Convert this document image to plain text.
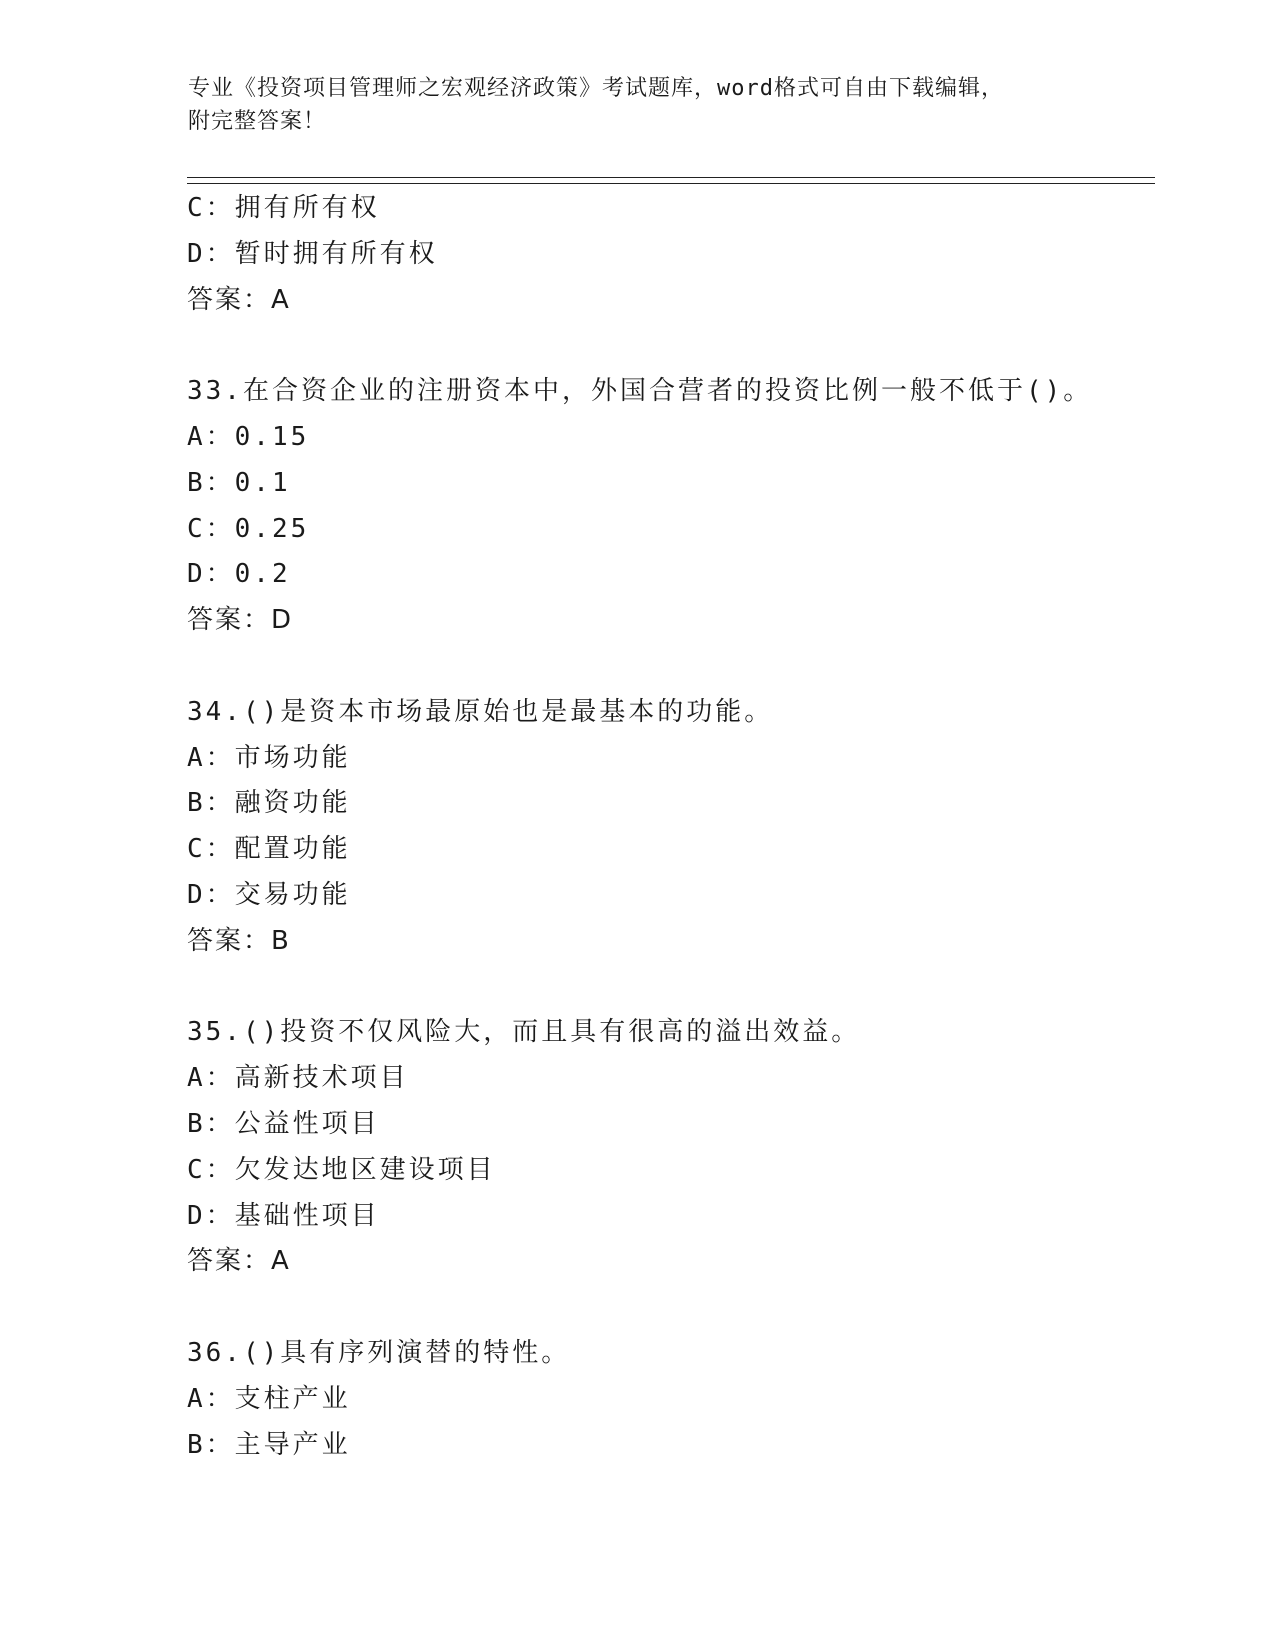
专业《投资项目管理师之宏观经济政策》考试题库，word格式可自由下载编辑，
附完整答案！
C：拥有所有权
D：暂时拥有所有权
答案：A
33.在合资企业的注册资本中，外国合营者的投资比例一般不低于()。
A：0.15
B：0.1
C：0.25
D：0.2
答案：D
34.()是资本市场最原始也是最基本的功能。
A：市场功能
B：融资功能
C：配置功能
D：交易功能
答案：B
35.()投资不仅风险大，而且具有很高的溢出效益。
A：高新技术项目
B：公益性项目
C：欠发达地区建设项目
D：基础性项目
答案：A
36.()具有序列演替的特性。
A：支柱产业
B：主导产业
